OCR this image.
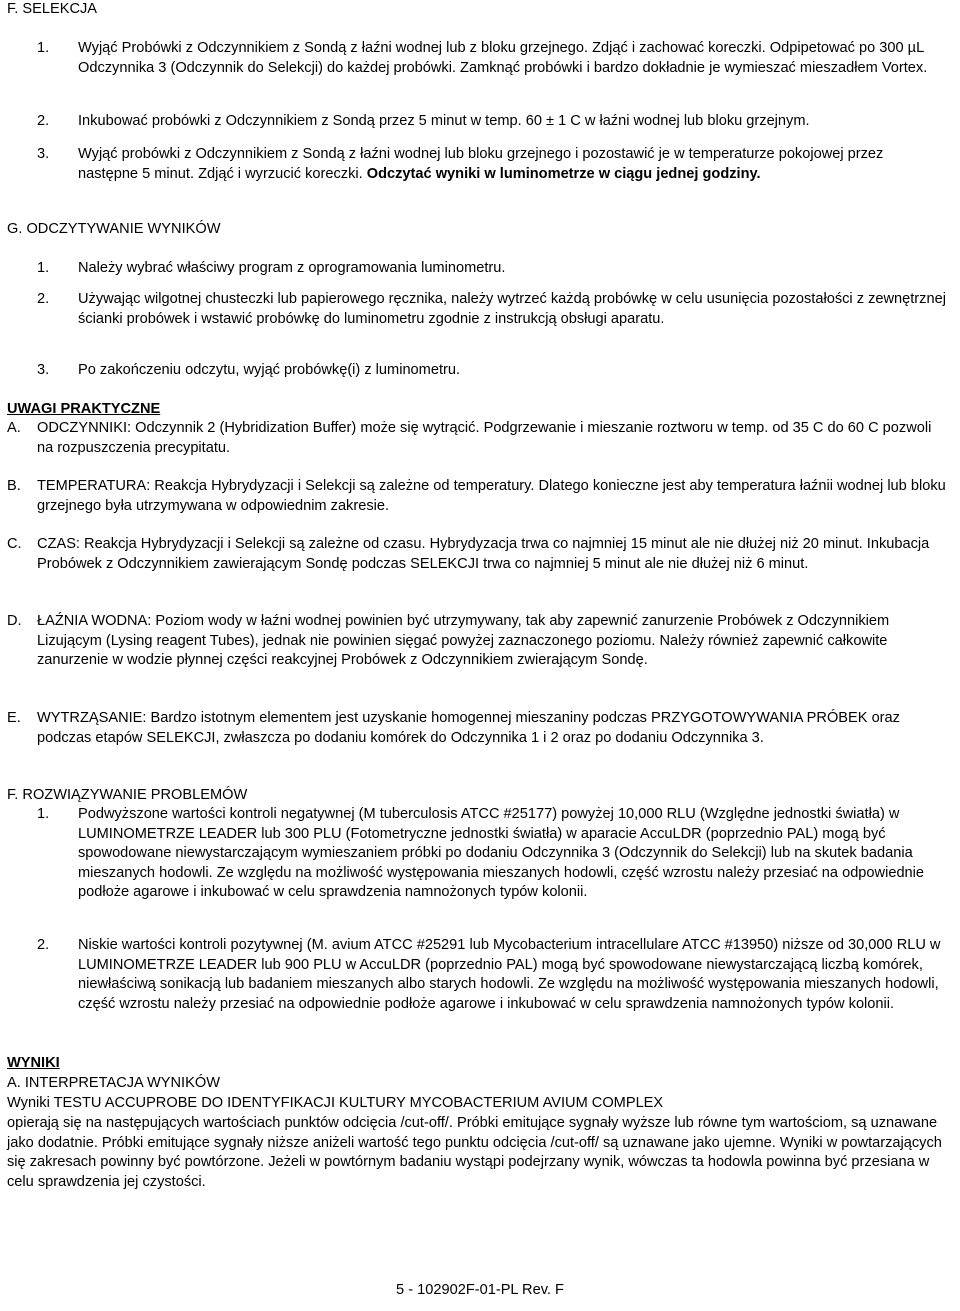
F. SELEKCJA
1. Wyjąć Probówki z Odczynnikiem z Sondą z łaźni wodnej lub z bloku grzejnego. Zdjąć i zachować koreczki. Odpipetować po 300 µL Odczynnika 3 (Odczynnik do Selekcji) do każdej probówki. Zamknąć probówki i bardzo dokładnie je wymieszać mieszadłem Vortex.
2. Inkubować probówki z Odczynnikiem z Sondą przez 5 minut w temp. 60 ± 1 C w łaźni wodnej lub bloku grzejnym.
3. Wyjąć probówki z Odczynnikiem z Sondą z łaźni wodnej lub bloku grzejnego i pozostawić je w temperaturze pokojowej przez następne 5 minut. Zdjąć i wyrzucić koreczki. Odczytać wyniki w luminometrze w ciągu jednej godziny.
G. ODCZYTYWANIE WYNIKÓW
1. Należy wybrać właściwy program z oprogramowania luminometru.
2. Używając wilgotnej chusteczki lub papierowego ręcznika, należy wytrzeć każdą probówkę w celu usunięcia pozostałości z zewnętrznej ścianki probówek i wstawić probówkę do luminometru zgodnie z instrukcją obsługi aparatu.
3. Po zakończeniu odczytu, wyjąć probówkę(i) z luminometru.
UWAGI PRAKTYCZNE
A. ODCZYNNIKI: Odczynnik 2 (Hybridization Buffer) może się wytrącić. Podgrzewanie i mieszanie roztworu w temp. od 35 C do 60 C pozwoli na rozpuszczenia precypitatu.
B. TEMPERATURA: Reakcja Hybrydyzacji i Selekcji są zależne od temperatury. Dlatego konieczne jest aby temperatura łaźnii wodnej lub bloku grzejnego była utrzymywana w odpowiednim zakresie.
C. CZAS: Reakcja Hybrydyzacji i Selekcji są zależne od czasu. Hybrydyzacja trwa co najmniej 15 minut ale nie dłużej niż 20 minut. Inkubacja Probówek z Odczynnikiem zawierającym Sondę podczas SELEKCJI trwa co najmniej 5 minut ale nie dłużej niż 6 minut.
D. ŁAŹNIA WODNA: Poziom wody w łaźni wodnej powinien być utrzymywany, tak aby zapewnić zanurzenie Probówek z Odczynnikiem Lizującym (Lysing reagent Tubes), jednak nie powinien sięgać powyżej zaznaczonego poziomu. Należy również zapewnić całkowite zanurzenie w wodzie płynnej części reakcyjnej Probówek z Odczynnikiem zwierającym Sondę.
E. WYTRZĄSANIE: Bardzo istotnym elementem jest uzyskanie homogennej mieszaniny podczas PRZYGOTOWYWANIA PRÓBEK oraz podczas etapów SELEKCJI, zwłaszcza po dodaniu komórek do Odczynnika 1 i 2 oraz po dodaniu Odczynnika 3.
F. ROZWIĄZYWANIE PROBLEMÓW
1. Podwyższone wartości kontroli negatywnej (M tuberculosis ATCC #25177) powyżej 10,000 RLU (Względne jednostki światła) w LUMINOMETRZE LEADER lub 300 PLU (Fotometryczne jednostki światła) w aparacie AccuLDR (poprzednio PAL) mogą być spowodowane niewystarczającym wymieszaniem próbki po dodaniu Odczynnika 3 (Odczynnik do Selekcji) lub na skutek badania mieszanych hodowli. Ze względu na możliwość występowania mieszanych hodowli, część wzrostu należy przesiać na odpowiednie podłoże agarowe i inkubować w celu sprawdzenia namnożonych typów kolonii.
2. Niskie wartości kontroli pozytywnej (M. avium ATCC #25291 lub Mycobacterium intracellulare ATCC #13950) niższe od 30,000 RLU w LUMINOMETRZE LEADER lub 900 PLU w AccuLDR (poprzednio PAL) mogą być spowodowane niewystarczającą liczbą komórek, niewłaściwą sonikacją lub badaniem mieszanych albo starych hodowli. Ze względu na możliwość występowania mieszanych hodowli, część wzrostu należy przesiać na odpowiednie podłoże agarowe i inkubować w celu sprawdzenia namnożonych typów kolonii.
WYNIKI
A. INTERPRETACJA WYNIKÓW
Wyniki TESTU ACCUPROBE DO IDENTYFIKACJI KULTURY MYCOBACTERIUM AVIUM COMPLEX
opierają się na następujących wartościach punktów odcięcia /cut-off/. Próbki emitujące sygnały wyższe lub równe tym wartościom, są uznawane jako dodatnie. Próbki emitujące sygnały niższe aniżeli wartość tego punktu odcięcia /cut-off/ są uznawane jako ujemne. Wyniki w powtarzających się zakresach powinny być powtórzone. Jeżeli w powtórnym badaniu wystąpi podejrzany wynik, wówczas ta hodowla powinna być przesiana w celu sprawdzenia jej czystości.
5 - 102902F-01-PL Rev. F
